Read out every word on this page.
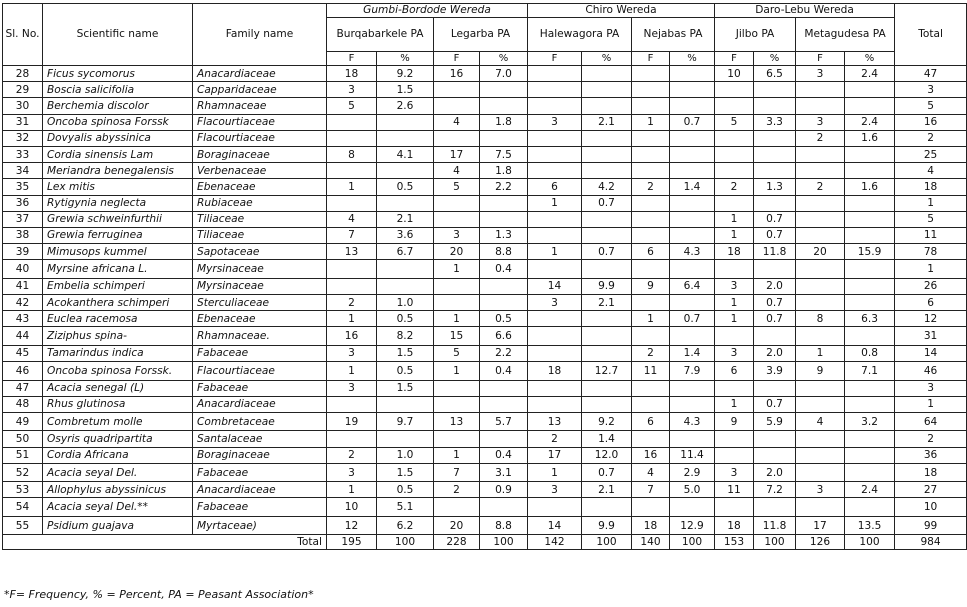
Sl. No.	Scientific name	Family name	Gumbi-Bordode Wereda				Chiro Wereda				Daro-Lebu Wereda				Total
			Burqabarkele PA		Legarba PA		Halewagora PA		Nejabas PA		Jilbo PA		Metagudesa PA		
			F	%	F	%	F	%	F	%	F	%	F	%	
28	Ficus sycomorus	Anacardiaceae	18	9.2	16	7.0					10	6.5	3	2.4	47
29	Boscia salicifolia	Capparidaceae	3	1.5											3
30	Berchemia discolor	Rhamnaceae	5	2.6											5
31	Oncoba spinosa Forssk	Flacourtiaceae			4	1.8	3	2.1	1	0.7	5	3.3	3	2.4	16
32	Dovyalis abyssinica	Flacourtiaceae											2	1.6	2
33	Cordia sinensis Lam	Boraginaceae	8	4.1	17	7.5									25
34	Meriandra benegalensis	Verbenaceae			4	1.8									4
35	Lex mitis	Ebenaceae	1	0.5	5	2.2	6	4.2	2	1.4	2	1.3	2	1.6	18
36	Rytigynia neglecta	Rubiaceae					1	0.7							1
37	Grewia schweinfurthii	Tiliaceae	4	2.1							1	0.7			5
38	Grewia ferruginea	Tiliaceae	7	3.6	3	1.3					1	0.7			11
39	Mimusops kummel	Sapotaceae	13	6.7	20	8.8	1	0.7	6	4.3	18	11.8	20	15.9	78
40	Myrsine africana L.	Myrsinaceae			1	0.4									1
41	Embelia schimperi	Myrsinaceae					14	9.9	9	6.4	3	2.0			26
42	Acokanthera schimperi	Sterculiaceae	2	1.0			3	2.1			1	0.7			6
43	Euclea racemosa	Ebenaceae	1	0.5	1	0.5			1	0.7	1	0.7	8	6.3	12
44	Ziziphus spina-	Rhamnaceae.	16	8.2	15	6.6									31
45	Tamarindus indica	Fabaceae	3	1.5	5	2.2			2	1.4	3	2.0	1	0.8	14
46	Oncoba spinosa Forssk.	Flacourtiaceae	1	0.5	1	0.4	18	12.7	11	7.9	6	3.9	9	7.1	46
47	Acacia senegal (L)	Fabaceae	3	1.5											3
48	Rhus glutinosa	Anacardiaceae									1	0.7			1
49	Combretum molle	Combretaceae	19	9.7	13	5.7	13	9.2	6	4.3	9	5.9	4	3.2	64
50	Osyris quadripartita	Santalaceae					2	1.4							2
51	Cordia Africana	Boraginaceae	2	1.0	1	0.4	17	12.0	16	11.4					36
52	Acacia seyal Del.	Fabaceae	3	1.5	7	3.1	1	0.7	4	2.9	3	2.0			18
53	Allophylus abyssinicus	Anacardiaceae	1	0.5	2	0.9	3	2.1	7	5.0	11	7.2	3	2.4	27
54	Acacia seyal Del.**	Fabaceae	10	5.1											10
55	Psidium guajava	Myrtaceae)	12	6.2	20	8.8	14	9.9	18	12.9	18	11.8	17	13.5	99
Total			195	100	228	100	142	100	140	100	153	100	126	100	984
*F= Frequency, % = Percent, PA = Peasant Association*
